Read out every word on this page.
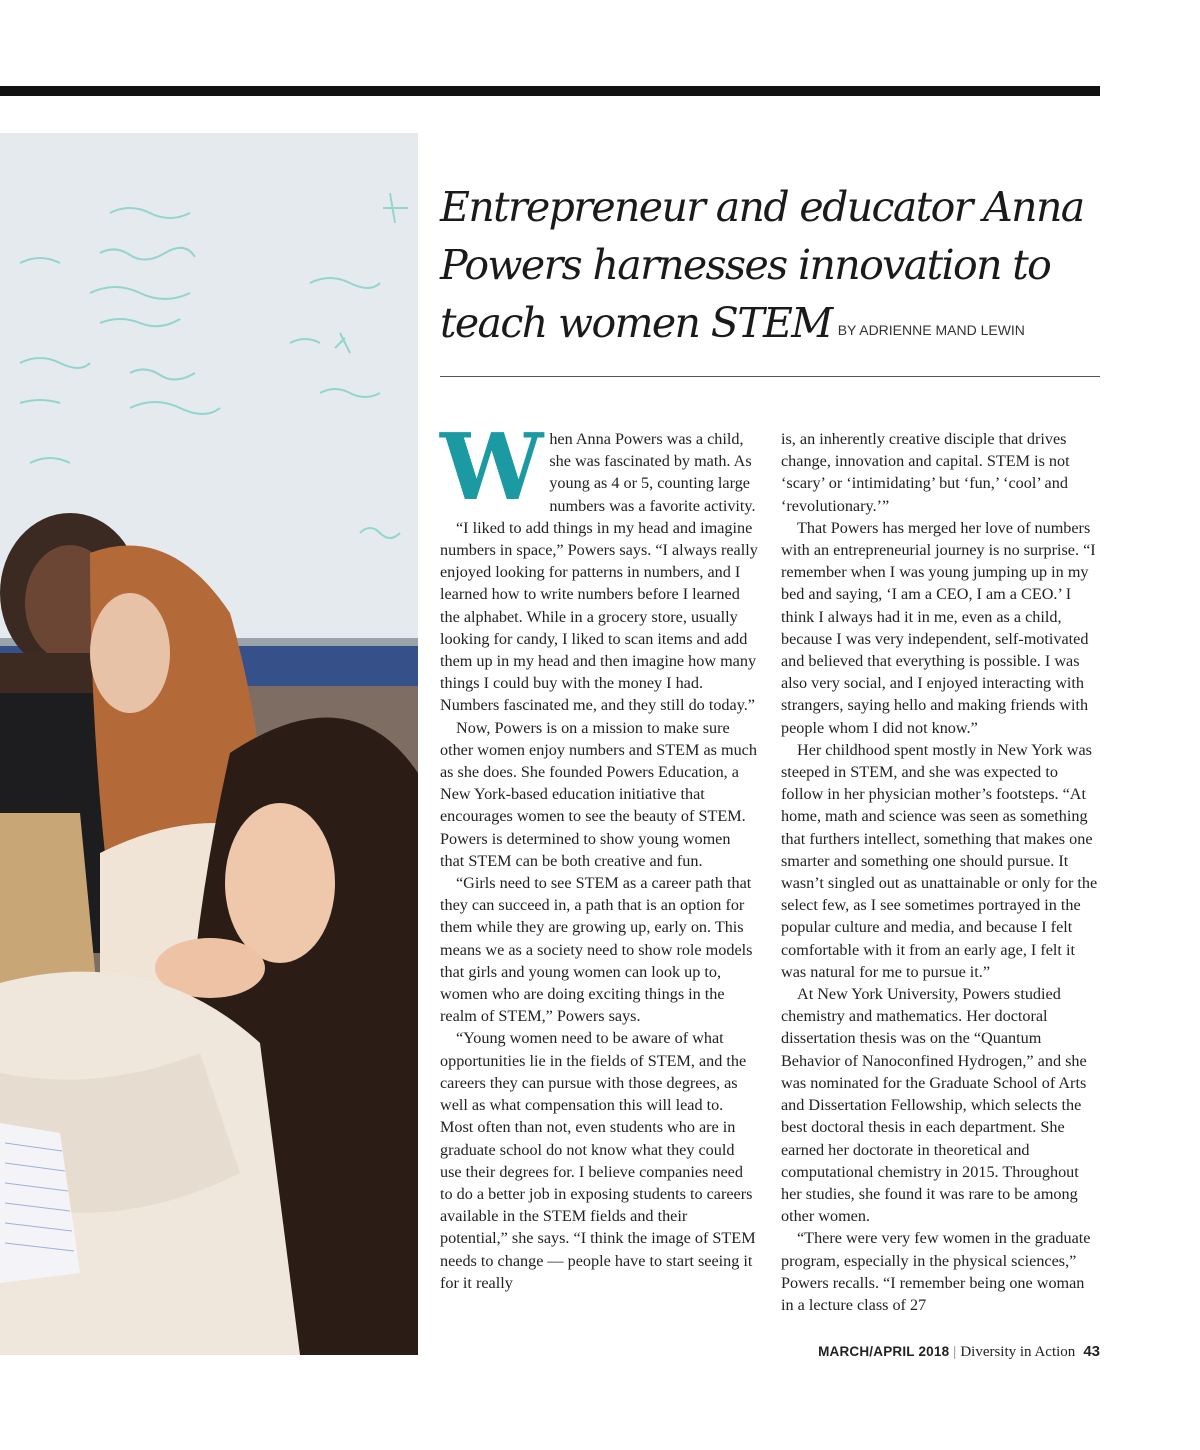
Entrepreneur and educator Anna Powers harnesses innovation to teach women STEM BY ADRIENNE MAND LEWIN

When Anna Powers was a child, she was fascinated by math. As young as 4 or 5, counting large numbers was a favorite activity.

“I liked to add things in my head and imagine numbers in space,” Powers says. “I always really enjoyed looking for patterns in numbers, and I learned how to write numbers before I learned the alphabet. While in a grocery store, usually looking for candy, I liked to scan items and add them up in my head and then imagine how many things I could buy with the money I had. Numbers fascinated me, and they still do today.”

Now, Powers is on a mission to make sure other women enjoy numbers and STEM as much as she does. She founded Powers Education, a New York-based education initiative that encourages women to see the beauty of STEM. Powers is determined to show young women that STEM can be both creative and fun.

“Girls need to see STEM as a career path that they can succeed in, a path that is an option for them while they are growing up, early on. This means we as a society need to show role models that girls and young women can look up to, women who are doing exciting things in the realm of STEM,” Powers says.

“Young women need to be aware of what opportunities lie in the fields of STEM, and the careers they can pursue with those degrees, as well as what compensation this will lead to. Most often than not, even students who are in graduate school do not know what they could use their degrees for. I believe companies need to do a better job in exposing students to careers available in the STEM fields and their potential,” she says. “I think the image of STEM needs to change — people have to start seeing it for it really

is, an inherently creative disciple that drives change, innovation and capital. STEM is not ‘scary’ or ‘intimidating’ but ‘fun,’ ‘cool’ and ‘revolutionary.’”

That Powers has merged her love of numbers with an entrepreneurial journey is no surprise. “I remember when I was young jumping up in my bed and saying, ‘I am a CEO, I am a CEO.’ I think I always had it in me, even as a child, because I was very independent, self-motivated and believed that everything is possible. I was also very social, and I enjoyed interacting with strangers, saying hello and making friends with people whom I did not know.”

Her childhood spent mostly in New York was steeped in STEM, and she was expected to follow in her physician mother’s footsteps. “At home, math and science was seen as something that furthers intellect, something that makes one smarter and something one should pursue. It wasn’t singled out as unattainable or only for the select few, as I see sometimes portrayed in the popular culture and media, and because I felt comfortable with it from an early age, I felt it was natural for me to pursue it.”

At New York University, Powers studied chemistry and mathematics. Her doctoral dissertation thesis was on the “Quantum Behavior of Nanoconfined Hydrogen,” and she was nominated for the Graduate School of Arts and Dissertation Fellowship, which selects the best doctoral thesis in each department. She earned her doctorate in theoretical and computational chemistry in 2015. Throughout her studies, she found it was rare to be among other women.

“There were very few women in the graduate program, especially in the physical sciences,” Powers recalls. “I remember being one woman in a lecture class of 27

MARCH/APRIL 2018 | Diversity in Action 43
